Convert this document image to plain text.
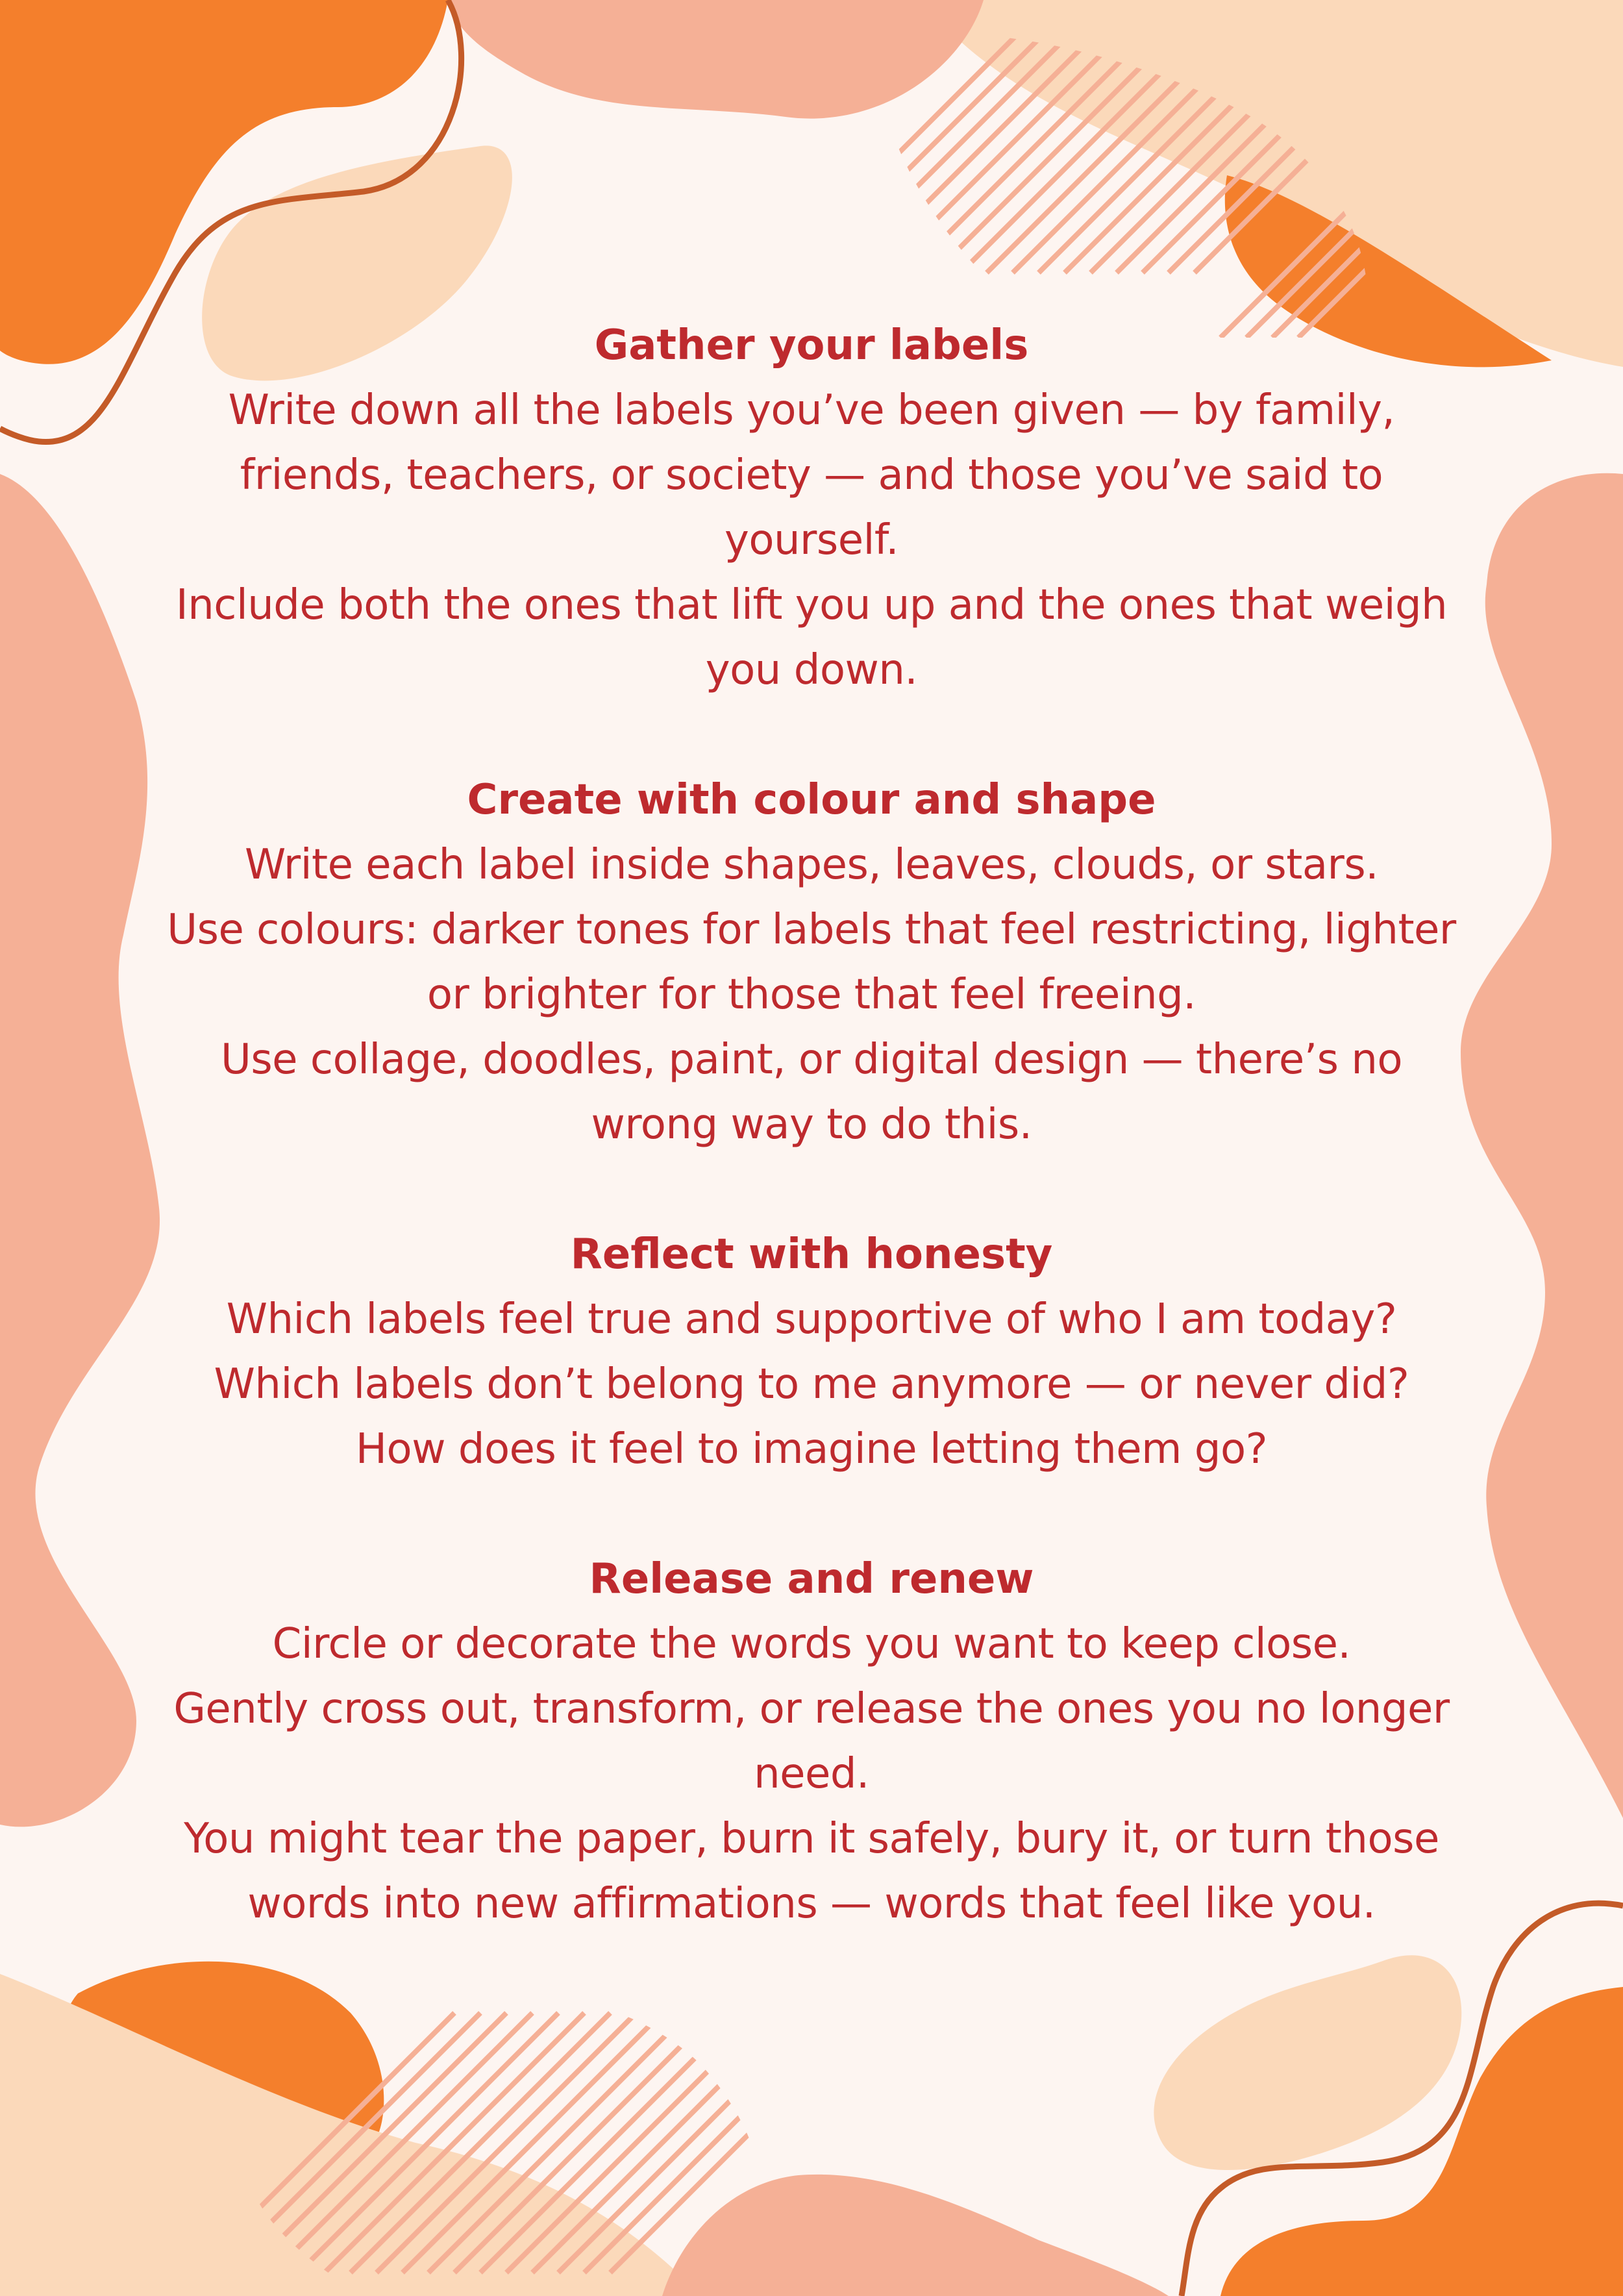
Gather your labels

Write down all the labels you’ve been given — by family,

friends, teachers, or society — and those you’ve said to

yourself.

Include both the ones that lift you up and the ones that weigh

you down.

Create with colour and shape

Write each label inside shapes, leaves, clouds, or stars.

Use colours: darker tones for labels that feel restricting, lighter

or brighter for those that feel freeing.

Use collage, doodles, paint, or digital design — there’s no

wrong way to do this.

Reflect with honesty

Which labels feel true and supportive of who I am today?

Which labels don’t belong to me anymore — or never did?

How does it feel to imagine letting them go?

Release and renew

Circle or decorate the words you want to keep close.

Gently cross out, transform, or release the ones you no longer

need.

You might tear the paper, burn it safely, bury it, or turn those

words into new affirmations — words that feel like you.
